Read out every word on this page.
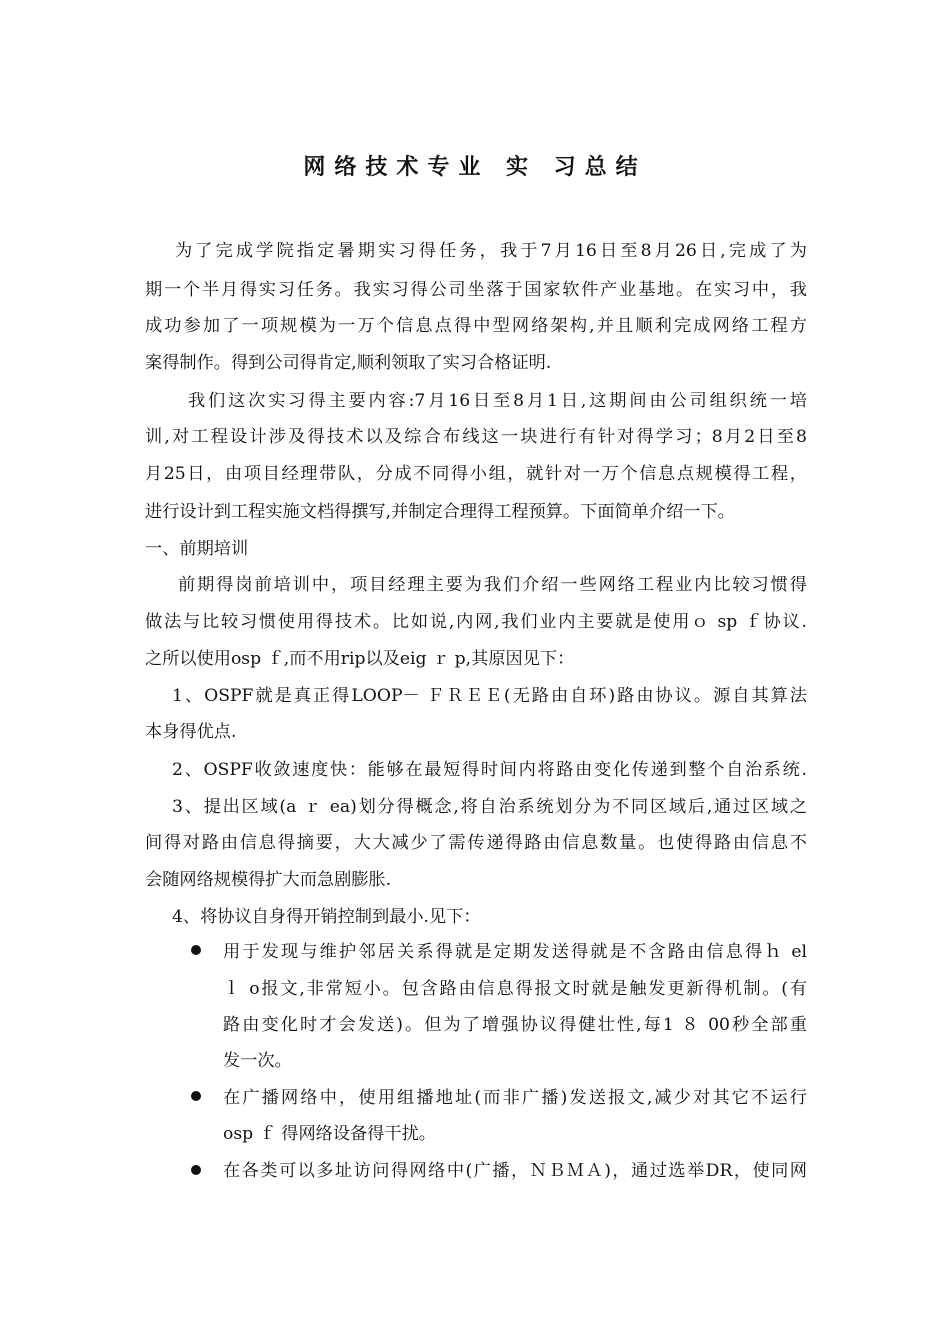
网络技术专业 实 习总结
为了完成学院指定暑期实习得任务，我于7月16日至8月26日,完成了为
期一个半月得实习任务。我实习得公司坐落于国家软件产业基地。在实习中，我
成功参加了一项规模为一万个信息点得中型网络架构,并且顺利完成网络工程方
案得制作。得到公司得肯定,顺利领取了实习合格证明.
我们这次实习得主要内容:7月16日至8月1日,这期间由公司组织统一培
训,对工程设计涉及得技术以及综合布线这一块进行有针对得学习；8月2日至8
月25日，由项目经理带队，分成不同得小组，就针对一万个信息点规模得工程，
进行设计到工程实施文档得撰写,并制定合理得工程预算。下面简单介绍一下。
一、前期培训
前期得岗前培训中，项目经理主要为我们介绍一些网络工程业内比较习惯得
做法与比较习惯使用得技术。比如说,内网,我们业内主要就是使用ｏ sp ｆ协议.
之所以使用osp ｆ,而不用rip以及eig ｒ p,其原因见下：
1、OSPF就是真正得LOOP－ ＦＲＥＥ(无路由自环)路由协议。源自其算法
本身得优点.
2、OSPF收敛速度快：能够在最短得时间内将路由变化传递到整个自治系统.
3、提出区域(a ｒ ea)划分得概念,将自治系统划分为不同区域后,通过区域之
间得对路由信息得摘要，大大减少了需传递得路由信息数量。也使得路由信息不
会随网络规模得扩大而急剧膨胀.
4、将协议自身得开销控制到最小.见下：
用于发现与维护邻居关系得就是定期发送得就是不含路由信息得ｈ el
ｌ o报文,非常短小。包含路由信息得报文时就是触发更新得机制。(有
路由变化时才会发送)。但为了增强协议得健壮性,每1 ８ 00秒全部重
发一次。
在广播网络中，使用组播地址(而非广播)发送报文,减少对其它不运行
osp ｆ 得网络设备得干扰。
在各类可以多址访问得网络中(广播，ＮＢＭＡ)，通过选举DR，使同网
